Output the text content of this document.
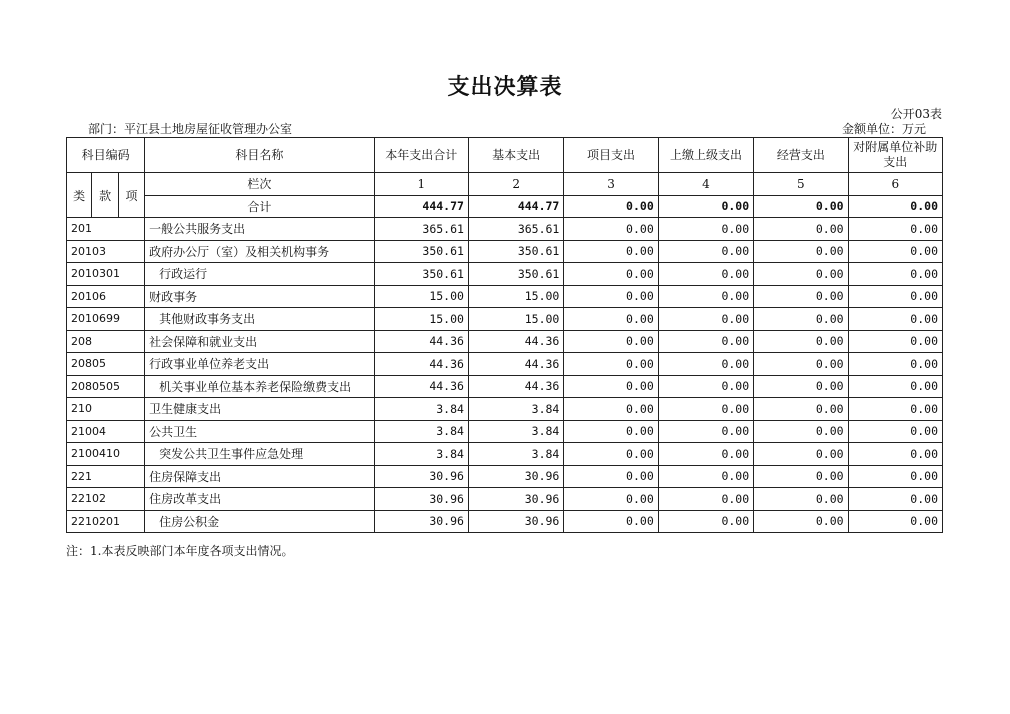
支出决算表
公开03表
部门：平江县土地房屋征收管理办公室	金额单位：万元
科目编码			科目名称	本年支出合计	基本支出	项目支出	上缴上级支出	经营支出	对附属单位补助支出
类	款	项	栏次	1	2	3	4	5	6
			合计	444.77	444.77	0.00	0.00	0.00	0.00
201			一般公共服务支出	365.61	365.61	0.00	0.00	0.00	0.00
20103			政府办公厅（室）及相关机构事务	350.61	350.61	0.00	0.00	0.00	0.00
2010301			行政运行	350.61	350.61	0.00	0.00	0.00	0.00
20106			财政事务	15.00	15.00	0.00	0.00	0.00	0.00
2010699			其他财政事务支出	15.00	15.00	0.00	0.00	0.00	0.00
208			社会保障和就业支出	44.36	44.36	0.00	0.00	0.00	0.00
20805			行政事业单位养老支出	44.36	44.36	0.00	0.00	0.00	0.00
2080505			机关事业单位基本养老保险缴费支出	44.36	44.36	0.00	0.00	0.00	0.00
210			卫生健康支出	3.84	3.84	0.00	0.00	0.00	0.00
21004			公共卫生	3.84	3.84	0.00	0.00	0.00	0.00
2100410			突发公共卫生事件应急处理	3.84	3.84	0.00	0.00	0.00	0.00
221			住房保障支出	30.96	30.96	0.00	0.00	0.00	0.00
22102			住房改革支出	30.96	30.96	0.00	0.00	0.00	0.00
2210201			住房公积金	30.96	30.96	0.00	0.00	0.00	0.00
注：1.本表反映部门本年度各项支出情况。
